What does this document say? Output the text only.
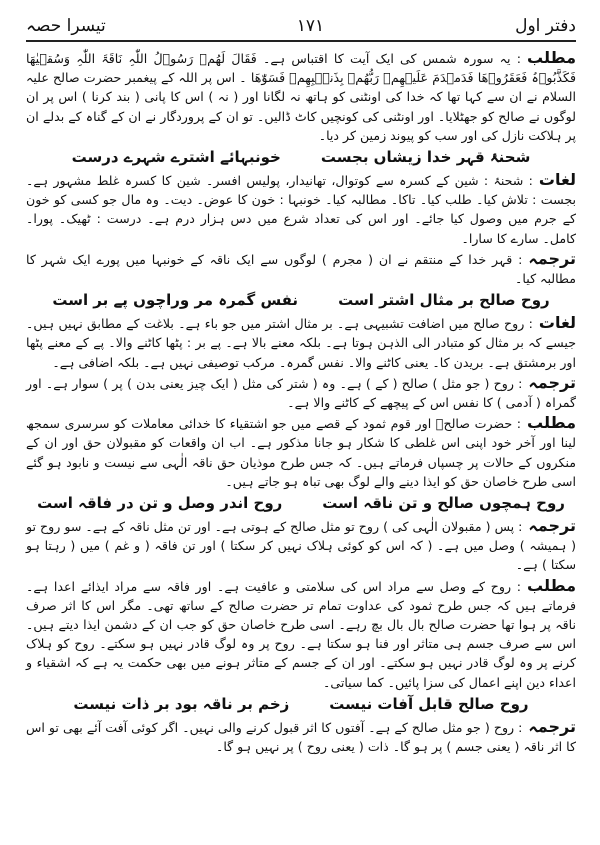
دفتر اول
۱۷۱
تیسرا حصہ

مطلب: یہ سورہ شمس کی ایک آیت کا اقتباس ہے۔ فَقَالَ لَھُمۡ رَسُوۡلُ اللّٰہِ نَاقَۃَ اللّٰہِ وَسُقۡیٰھَا فَکَذَّبُوۡہُ فَعَقَرُوۡھَا فَدَمۡدَمَ عَلَیۡھِمۡ رَبُّھُمۡ بِذَنۡۢبِھِمۡ فَسَوّٰھَا ۔ اس پر اللہ کے پیغمبر حضرت صالح علیہ السلام نے ان سے کہا تھا کہ خدا کی اونٹنی کو ہاتھ نہ لگانا اور ( نہ ) اس کا پانی ( بند کرنا ) اس پر ان لوگوں نے صالح کو جھٹلایا۔ اور اونٹنی کی کونچیں کاٹ ڈالیں۔ تو ان کے پروردگار نے ان کے گناہ کے بدلے ان پر ہلاکت نازل کی اور سب کو پیوند زمین کر دیا۔

شحنۂ قہر خدا زیشاں بجستخونبہائے اشترے شہرے درست

لغات: شحنۂ : شین کے کسرہ سے کوتوال، تھانیدار، پولیس افسر۔ شین کا کسرہ غلط مشہور ہے۔ بجست : تلاش کیا۔ طلب کیا۔ تاکا۔ مطالبہ کیا۔ خونبہا : خون کا عوض۔ دیت۔ وہ مال جو کسی کو خون کے جرم میں وصول کیا جائے۔ اور اس کی تعداد شرع میں دس ہزار درم ہے۔ درست : ٹھیک۔ پورا۔ کامل۔ سارے کا سارا۔

ترجمہ: قہر خدا کے منتقم نے ان ( مجرم ) لوگوں سے ایک ناقہ کے خونبہا میں پورے ایک شہر کا مطالبہ کیا۔

روح صالح بر مثال اشتر استنفس گمرہ مر وراچوں پے بر است

لغات: روح صالح میں اضافت تشبیہی ہے۔ بر مثال اشتر میں جو باء ہے۔ بلاغت کے مطابق نہیں ہیں۔ جیسے کہ بر مثال کو متبادر الی الذہن ہوتا ہے۔ بلکہ معنے بالا ہے۔ پے بر : پٹھا کاٹنے والا۔ پے کے معنے پٹھا اور برمشتق ہے۔ بریدن کا۔ یعنی کاٹنے والا۔ نفس گمرہ۔ مرکب توصیفی نہیں ہے۔ بلکہ اضافی ہے۔

ترجمہ: روح ( جو مثل ) صالح ( کے ) ہے۔ وہ ( شتر کی مثل ( ایک چیز یعنی بدن ) پر ) سوار ہے۔ اور گمراہ ( آدمی ) کا نفس اس کے پیچھے کے کاٹنے والا ہے۔

مطلب: حضرت صالحؑ اور قوم ثمود کے قصے میں جو اشتقیاء کا خدائی معاملات کو سرسری سمجھ لینا اور آخر خود اپنی اس غلطی کا شکار ہو جانا مذکور ہے۔ اب ان واقعات کو مقبولان حق اور ان کے منکروں کے حالات پر چسپاں فرماتے ہیں۔ کہ جس طرح موذیان حق ناقہ الٰہی سے نیست و نابود ہو گئے اسی طرح خاصان حق کو ایذا دینے والے لوگ بھی تباہ ہو جاتے ہیں۔

روح ہمچوں صالح و تن ناقہ استروح اندر وصل و تن در فاقہ است

ترجمہ: پس ( مقبولان الٰہی کی ) روح تو مثل صالح کے ہوتی ہے۔ اور تن مثل ناقہ کے ہے۔ سو روح تو ( ہمیشہ ) وصل میں ہے۔ ( کہ اس کو کوئی ہلاک نہیں کر سکتا ) اور تن فاقہ ( و غم ) میں ( رہتا ہو سکتا ) ہے۔

مطلب: روح کے وصل سے مراد اس کی سلامتی و عافیت ہے۔ اور فاقہ سے مراد ایذائے اعدا ہے۔ فرماتے ہیں کہ جس طرح ثمود کی عداوت تمام تر حضرت صالح کے ساتھ تھی۔ مگر اس کا اثر صرف ناقہ پر ہوا تھا حضرت صالح بال بال بچ رہے۔ اسی طرح خاصان حق کو جب ان کے دشمن ایذا دیتے ہیں۔ اس سے صرف جسم ہی متاثر اور فنا ہو سکتا ہے۔ روح پر وہ لوگ قادر نہیں ہو سکتے۔ روح کو ہلاک کرنے پر وہ لوگ قادر نہیں ہو سکتے۔ اور ان کے جسم کے متاثر ہونے میں بھی حکمت یہ ہے کہ اشقیاء و اعداء دین اپنے اعمال کی سزا پائیں۔ کما سیاتی۔

روح صالح قابل آفات نیستزخم بر ناقہ بود بر ذات نیست

ترجمہ: روح ( جو مثل صالح کے ہے۔ آفتوں کا اثر قبول کرنے والی نہیں۔ اگر کوئی آفت آئے بھی تو اس کا اثر ناقہ ( یعنی جسم ) پر ہو گا۔ ذات ( یعنی روح ) پر نہیں ہو گا۔
